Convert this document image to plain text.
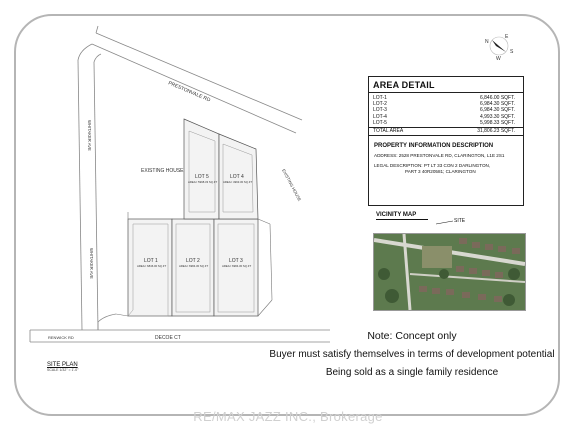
N
E
S
W
PRESTONVALE RD
WHITAKER AVE
WHITAKER AVE
DECOE CT
RENWICK RD
EXISTING HOUSE	EXISTING HOUSE
LOT 1
AREA= 6846.00 SQ.FT
LOT 2
AREA= 6984.30 SQ.FT
LOT 3
AREA= 6984.30 SQ.FT
LOT 5
AREA= 5998.33 SQ.FT
LOT 4
AREA= 4993.30 SQ.FT
AREA DETAIL
LOT-1	6,846.00 SQFT.
LOT-2	6,984.30 SQFT.
LOT-3	6,984.30 SQFT.
LOT-4	4,993.30 SQFT.
LOT-5	5,998.33 SQFT.
TOTAL AREA	31,806.23 SQFT.
PROPERTY INFORMATION DESCRIPTION
ADDRESS: 2528 PRESTONVALE RD, CLARINGTON, L1E 2S1
LEGAL DESCRIPTION: PT LT 33 CON 2 DARLINGTON,
PART 3 40R20581; CLARINGTON
VICINITY MAP
SITE
Note: Concept only
Buyer must satisfy themselves in terms of development potential
Being sold as a single family residence
SITE PLAN
SCALE 1/32" = 1'-0"
RE/MAX JAZZ INC., Brokerage
